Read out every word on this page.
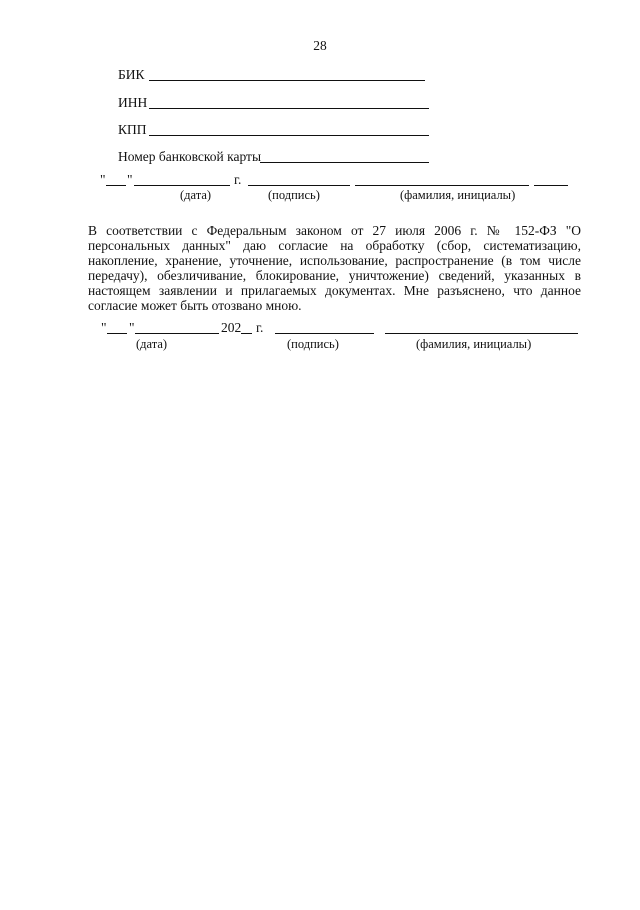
28
БИК
ИНН
КПП
Номер банковской карты
" "	г.
(дата)	(подпись)	(фамилия, инициалы)
В соответствии с Федеральным законом от 27 июля 2006 г. № 152-ФЗ "О персональных данных" даю согласие на обработку (сбор, систематизацию, накопление, хранение, уточнение, использование, распространение (в том числе передачу), обезличивание, блокирование, уничтожение) сведений, указанных в настоящем заявлении и прилагаемых документах. Мне разъяснено, что данное согласие может быть отозвано мною.
" "	202 г.
(дата)	(подпись)	(фамилия, инициалы)
